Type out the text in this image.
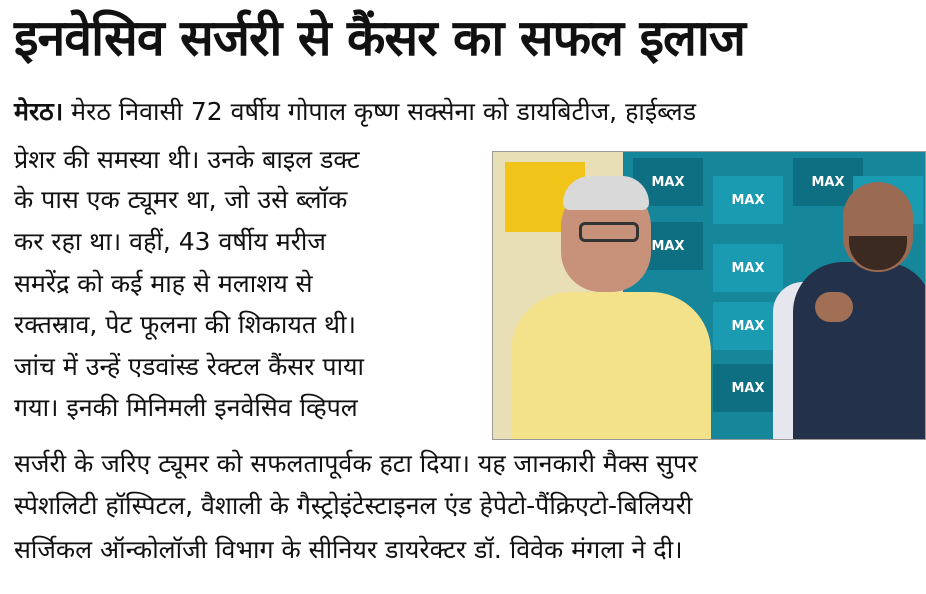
इनवेसिव सर्जरी से कैंसर का सफल इलाज
मेरठ। मेरठ निवासी 72 वर्षीय गोपाल कृष्ण सक्सेना को डायबिटीज, हाईब्लड
प्रेशर की समस्या थी। उनके बाइल डक्ट
के पास एक ट्यूमर था, जो उसे ब्लॉक
कर रहा था। वहीं, 43 वर्षीय मरीज
समरेंद्र को कई माह से मलाशय से
रक्तस्राव, पेट फूलना की शिकायत थी।
जांच में उन्हें एडवांस्ड रेक्टल कैंसर पाया
गया। इनकी मिनिमली इनवेसिव व्हिपल
सर्जरी के जरिए ट्यूमर को सफलतापूर्वक हटा दिया। यह जानकारी मैक्स सुपर
स्पेशलिटी हॉस्पिटल, वैशाली के गैस्ट्रोइंटेस्टाइनल एंड हेपेटो-पैंक्रिएटो-बिलियरी
सर्जिकल ऑन्कोलॉजी विभाग के सीनियर डायरेक्टर डॉ. विवेक मंगला ने दी।
MAX
MAX
MAX
MAX
MAX
MAX
MAX
